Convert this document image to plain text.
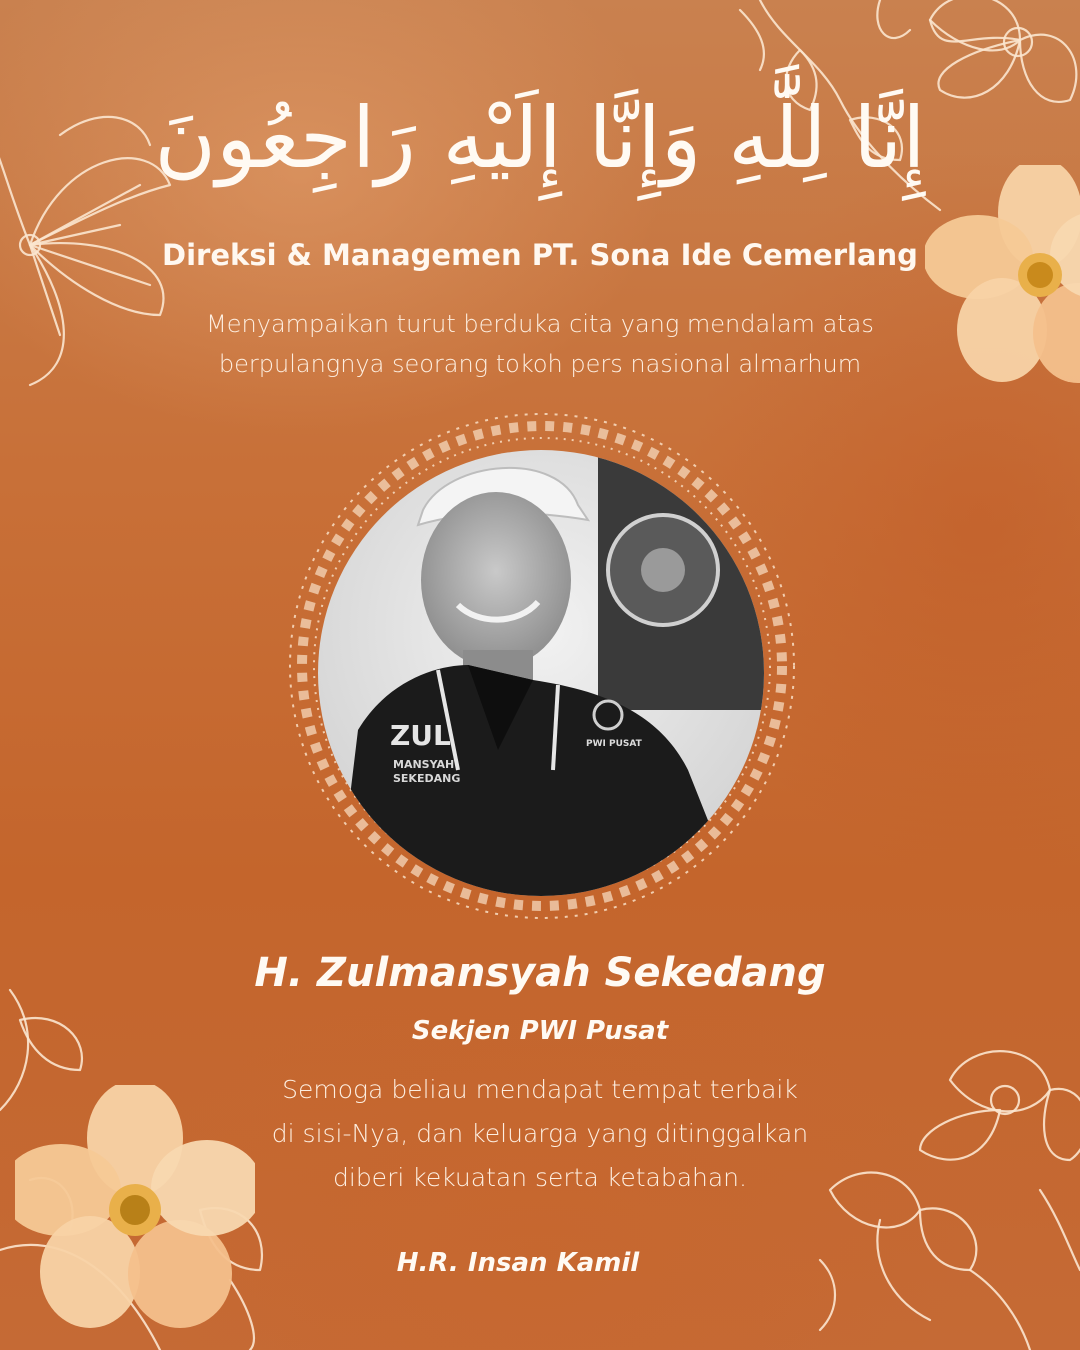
إِنَّا لِلَّٰهِ وَإِنَّا إِلَيْهِ رَاجِعُونَ
Direksi & Managemen PT. Sona Ide Cemerlang
Menyampaikan turut berduka cita yang mendalam atas
berpulangnya seorang tokoh pers nasional almarhum
ZUL
MANSYAH
SEKEDANG
PWI PUSAT
H. Zulmansyah Sekedang
Sekjen PWI Pusat
Semoga beliau mendapat tempat terbaik
di sisi-Nya, dan keluarga yang ditinggalkan
diberi kekuatan serta ketabahan.
H.R. Insan Kamil
